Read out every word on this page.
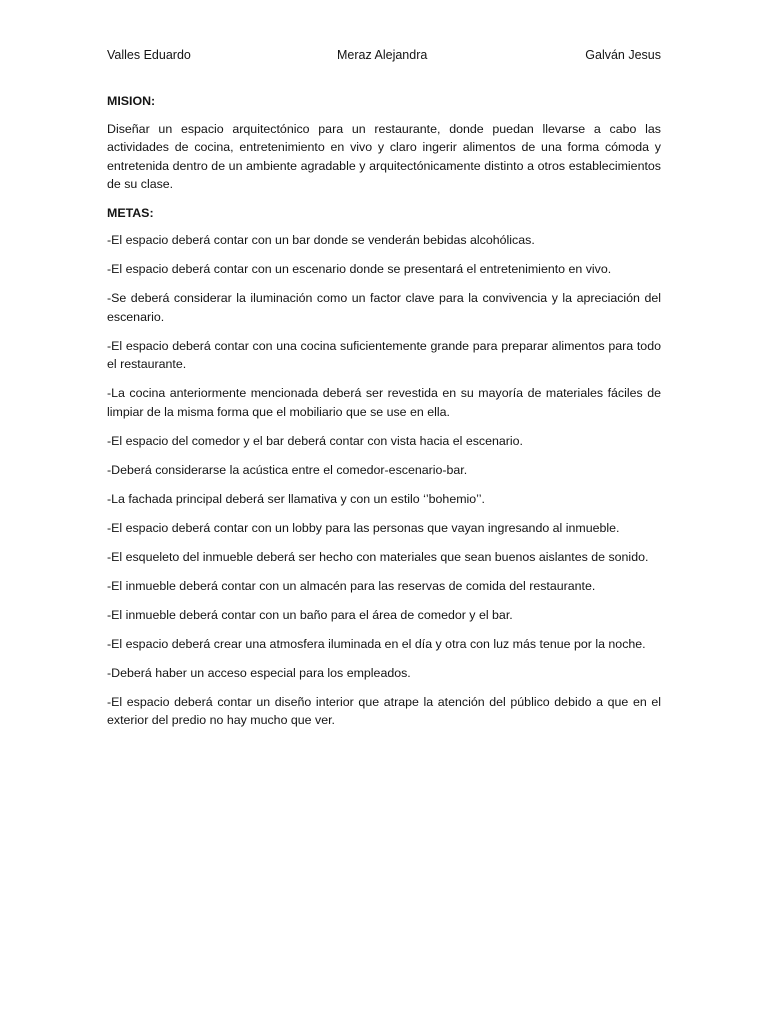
Valles Eduardo	Meraz Alejandra	Galván Jesus

MISION:

Diseñar un espacio arquitectónico para un restaurante, donde puedan llevarse a cabo las actividades de cocina, entretenimiento en vivo y claro ingerir alimentos de una forma cómoda y entretenida dentro de un ambiente agradable y arquitectónicamente distinto a otros establecimientos de su clase.

METAS:

-El espacio deberá contar con un bar donde se venderán bebidas alcohólicas.

-El espacio deberá contar con un escenario donde se presentará el entretenimiento en vivo.

-Se deberá considerar la iluminación como un factor clave para la convivencia y la apreciación del escenario.

-El espacio deberá contar con una cocina suficientemente grande para preparar alimentos para todo el restaurante.

-La cocina anteriormente mencionada deberá ser revestida en su mayoría de materiales fáciles de limpiar de la misma forma que el mobiliario que se use en ella.

-El espacio del comedor y el bar deberá contar con vista hacia el escenario.

-Deberá considerarse la acústica entre el comedor-escenario-bar.

-La fachada principal deberá ser llamativa y con un estilo ‘’bohemio’’.

-El espacio deberá contar con un lobby para las personas que vayan ingresando al inmueble.

-El esqueleto del inmueble deberá ser hecho con materiales que sean buenos aislantes de sonido.

-El inmueble deberá contar con un almacén para las reservas de comida del restaurante.

-El inmueble deberá contar con un baño para el área de comedor y el bar.

-El espacio deberá crear una atmosfera iluminada en el día y otra con luz más tenue por la noche.

-Deberá haber un acceso especial para los empleados.

-El espacio deberá contar un diseño interior que atrape la atención del público debido a que en el exterior del predio no hay mucho que ver.
